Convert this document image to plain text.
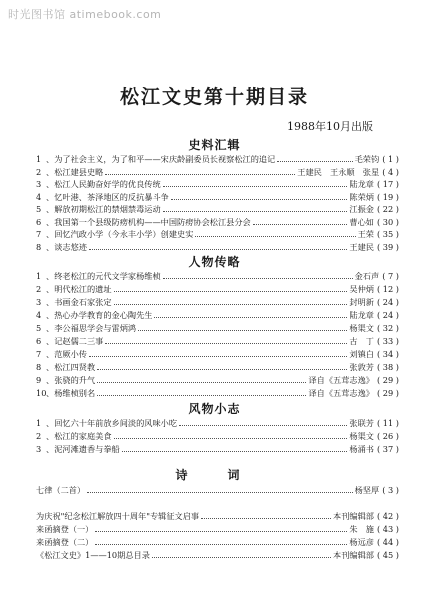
时光图书馆 atimebook.com
松江文史第十期目录
1988年10月出版
史料汇辑
1 、为了社会主义，为了和平——宋庆龄副委员长视察松江的追记	毛荣钧 ( 1 )
2 、松江建县史略	王建民　王永顺　张星 ( 4 )
3 、松江人民勤奋好学的优良传统	陆龙章 ( 17 )
4 、忆叶港、茶泽地区的反抗暴斗争	陈荣炳 ( 19 )
5 、解放初期松江的禁烟禁毒运动	江振金 ( 22 )
6 、我国第一个县级防痨机构——中国防痨协会松江县分会	曹心如 ( 30 )
7 、回忆汽政小学（今永丰小学）创建史实	王荣 ( 35 )
8 、谈志悠迹	王建民 ( 39 )
人物传略
1 、终老松江的元代文学家杨维桢	金石声 ( 7 )
2 、明代松江的遗址	吴仲炳 ( 12 )
3 、书画金石家张定	封明新 ( 24 )
4 、热心办学教育的金心陶先生	陆龙章 ( 24 )
5 、李公福思学会与雷炳鸿	杨渠文 ( 32 )
6 、记赵儒二三事	古　丁 ( 33 )
7 、范厥小传	刘镇白 ( 34 )
8 、松江四贤教	张敦芳 ( 38 )
9 、张骁的升气	译自《五茸志逸》 ( 29 )
10 、杨维桢别名	译自《五茸志逸》 ( 29 )
风物小志
1 、回忆六十年前放乡间淡的风味小吃	张联芳 ( 11 )
2 、松江的家庭美食	杨渠文 ( 26 )
3 、泥河滩遗香与拳船	杨涌书 ( 37 )
诗　词
七律（二首）	杨坚厚 ( 3 )
为庆祝"纪念松江解放四十周年"专辑征文启事	本刊编辑部 ( 42 )
来函摘登（一）	朱　施 ( 43 )
来函摘登（二）	杨远彦 ( 44 )
《松江文史》1——10期总目录	本刊编辑部 ( 45 )
